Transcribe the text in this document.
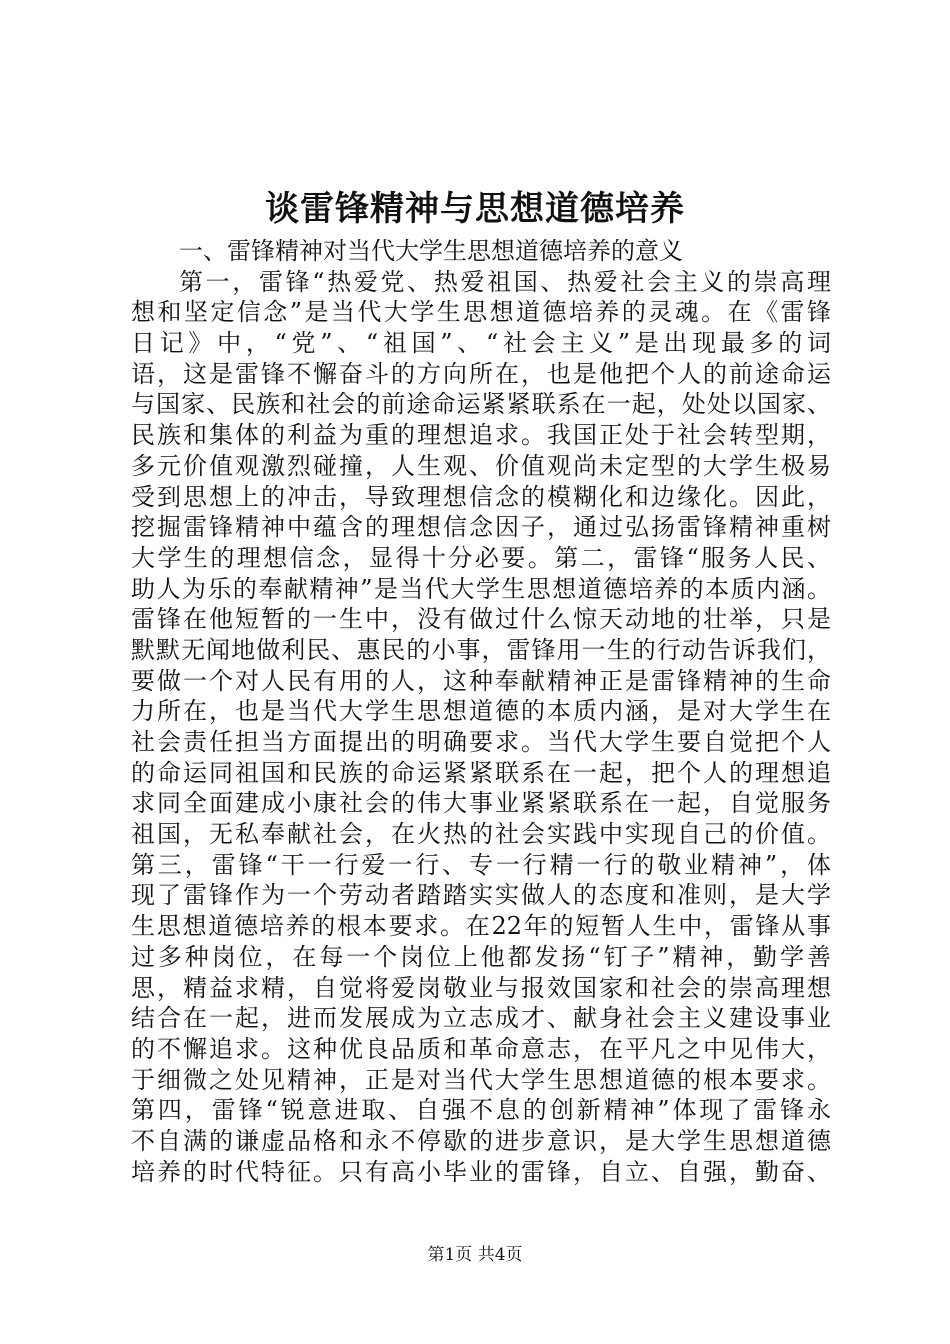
谈雷锋精神与思想道德培养
一、雷锋精神对当代大学生思想道德培养的意义
第一，雷锋“热爱党、热爱祖国、热爱社会主义的崇高理
想和坚定信念”是当代大学生思想道德培养的灵魂。在《雷锋
日记》中，“党”、“祖国”、“社会主义”是出现最多的词
语，这是雷锋不懈奋斗的方向所在，也是他把个人的前途命运
与国家、民族和社会的前途命运紧紧联系在一起，处处以国家、
民族和集体的利益为重的理想追求。我国正处于社会转型期，
多元价值观激烈碰撞，人生观、价值观尚未定型的大学生极易
受到思想上的冲击，导致理想信念的模糊化和边缘化。因此，
挖掘雷锋精神中蕴含的理想信念因子，通过弘扬雷锋精神重树
大学生的理想信念，显得十分必要。第二，雷锋“服务人民、
助人为乐的奉献精神”是当代大学生思想道德培养的本质内涵。
雷锋在他短暂的一生中，没有做过什么惊天动地的壮举，只是
默默无闻地做利民、惠民的小事，雷锋用一生的行动告诉我们，
要做一个对人民有用的人，这种奉献精神正是雷锋精神的生命
力所在，也是当代大学生思想道德的本质内涵，是对大学生在
社会责任担当方面提出的明确要求。当代大学生要自觉把个人
的命运同祖国和民族的命运紧紧联系在一起，把个人的理想追
求同全面建成小康社会的伟大事业紧紧联系在一起，自觉服务
祖国，无私奉献社会，在火热的社会实践中实现自己的价值。
第三，雷锋“干一行爱一行、专一行精一行的敬业精神”，体
现了雷锋作为一个劳动者踏踏实实做人的态度和准则，是大学
生思想道德培养的根本要求。在22年的短暂人生中，雷锋从事
过多种岗位，在每一个岗位上他都发扬“钉子”精神，勤学善
思，精益求精，自觉将爱岗敬业与报效国家和社会的崇高理想
结合在一起，进而发展成为立志成才、献身社会主义建设事业
的不懈追求。这种优良品质和革命意志，在平凡之中见伟大，
于细微之处见精神，正是对当代大学生思想道德的根本要求。
第四，雷锋“锐意进取、自强不息的创新精神”体现了雷锋永
不自满的谦虚品格和永不停歇的进步意识，是大学生思想道德
培养的时代特征。只有高小毕业的雷锋，自立、自强，勤奋、
第1页 共4页
